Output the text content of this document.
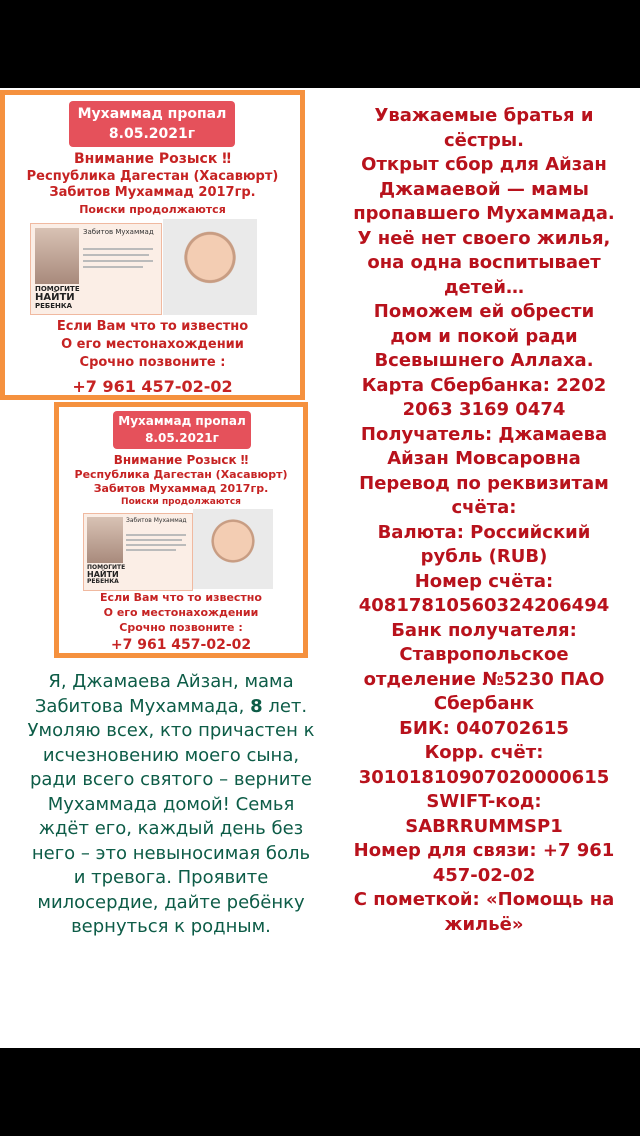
Мухаммад пропал
8.05.2021г
Внимание Розыск ‼
Республика Дагестан (Хасавюрт)
Забитов Мухаммад 2017гр.
Поиски продолжаются
Забитов Мухаммад
ПОМОГИТЕ
НАЙТИ
РЕБЕНКА
Если Вам что то известно
О его местонахождении
Срочно позвоните :
+7 961 457-02-02
Мухаммад пропал
8.05.2021г
Внимание Розыск ‼
Республика Дагестан (Хасавюрт)
Забитов Мухаммад 2017гр.
Поиски продолжаются
Забитов Мухаммад
ПОМОГИТЕ
НАЙТИ
РЕБЕНКА
Если Вам что то известно
О его местонахождении
Срочно позвоните :
+7 961 457-02-02
Я, Джамаева Айзан, мама
Забитова Мухаммада, 8 лет.
Умоляю всех, кто причастен к
исчезновению моего сына,
ради всего святого – верните
Мухаммада домой! Семья
ждёт его, каждый день без
него – это невыносимая боль
и тревога. Проявите
милосердие, дайте ребёнку
вернуться к родным.
Уважаемые братья и
сёстры.
Открыт сбор для Айзан
Джамаевой — мамы
пропавшего Мухаммада.
У неё нет своего жилья,
она одна воспитывает
детей…
Поможем ей обрести
дом и покой ради
Всевышнего Аллаха.
Карта Сбербанка: 2202
2063 3169 0474
Получатель: Джамаева
Айзан Мовсаровна
Перевод по реквизитам
счёта:
Валюта: Российский
рубль (RUB)
Номер счёта:
40817810560324206494
Банк получателя:
Ставропольское
отделение №5230 ПАО
Сбербанк
БИК: 040702615
Корр. счёт:
30101810907020000615
SWIFT-код:
SABRRUMMSP1
Номер для связи: +7 961
457-02-02
С пометкой: «Помощь на
жильё»
